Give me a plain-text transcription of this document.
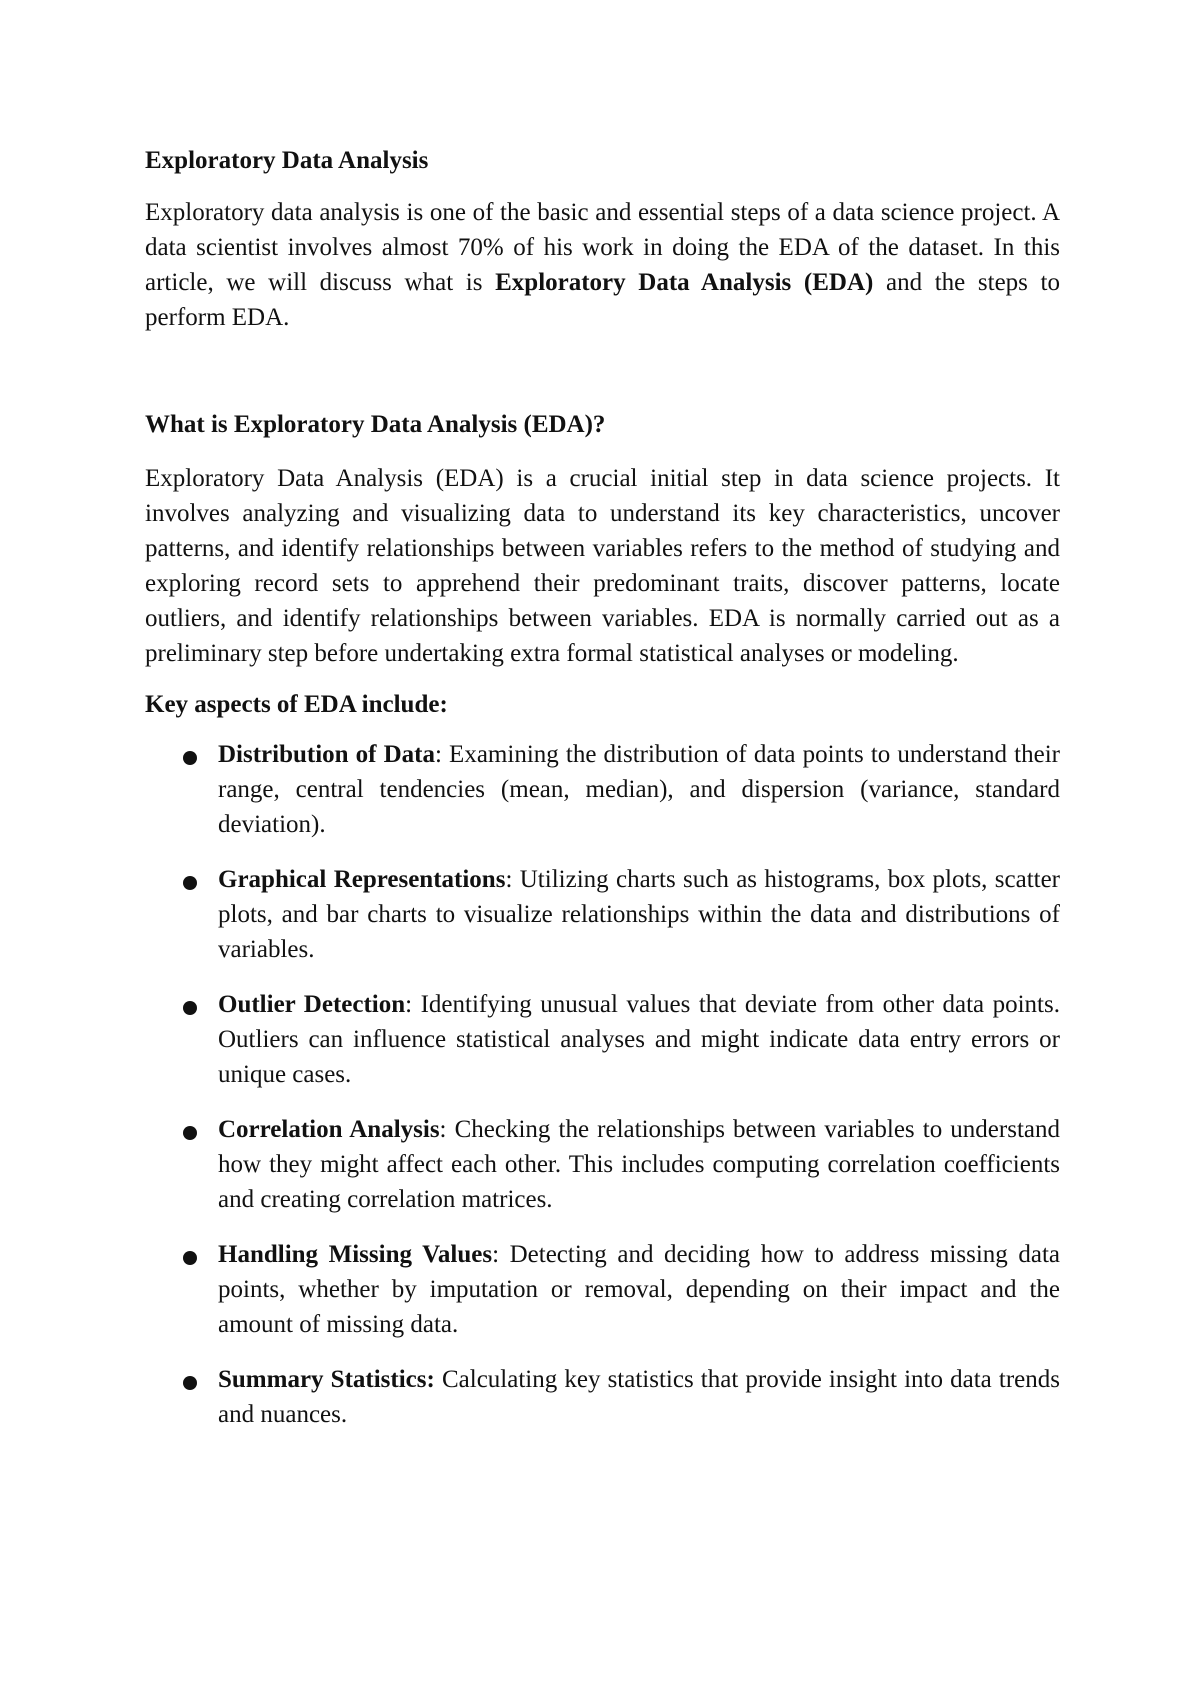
Exploratory Data Analysis

Exploratory data analysis is one of the basic and essential steps of a data science project. A data scientist involves almost 70% of his work in doing the EDA of the dataset. In this article, we will discuss what is Exploratory Data Analysis (EDA) and the steps to perform EDA.

What is Exploratory Data Analysis (EDA)?

Exploratory Data Analysis (EDA) is a crucial initial step in data science projects. It involves analyzing and visualizing data to understand its key characteristics, uncover patterns, and identify relationships between variables refers to the method of studying and exploring record sets to apprehend their predominant traits, discover patterns, locate outliers, and identify relationships between variables. EDA is normally carried out as a preliminary step before undertaking extra formal statistical analyses or modeling.

Key aspects of EDA include:

Distribution of Data: Examining the distribution of data points to understand their range, central tendencies (mean, median), and dispersion (variance, standard deviation).

Graphical Representations: Utilizing charts such as histograms, box plots, scatter plots, and bar charts to visualize relationships within the data and distributions of variables.

Outlier Detection: Identifying unusual values that deviate from other data points. Outliers can influence statistical analyses and might indicate data entry errors or unique cases.

Correlation Analysis: Checking the relationships between variables to understand how they might affect each other. This includes computing correlation coefficients and creating correlation matrices.

Handling Missing Values: Detecting and deciding how to address missing data points, whether by imputation or removal, depending on their impact and the amount of missing data.

Summary Statistics: Calculating key statistics that provide insight into data trends and nuances.
